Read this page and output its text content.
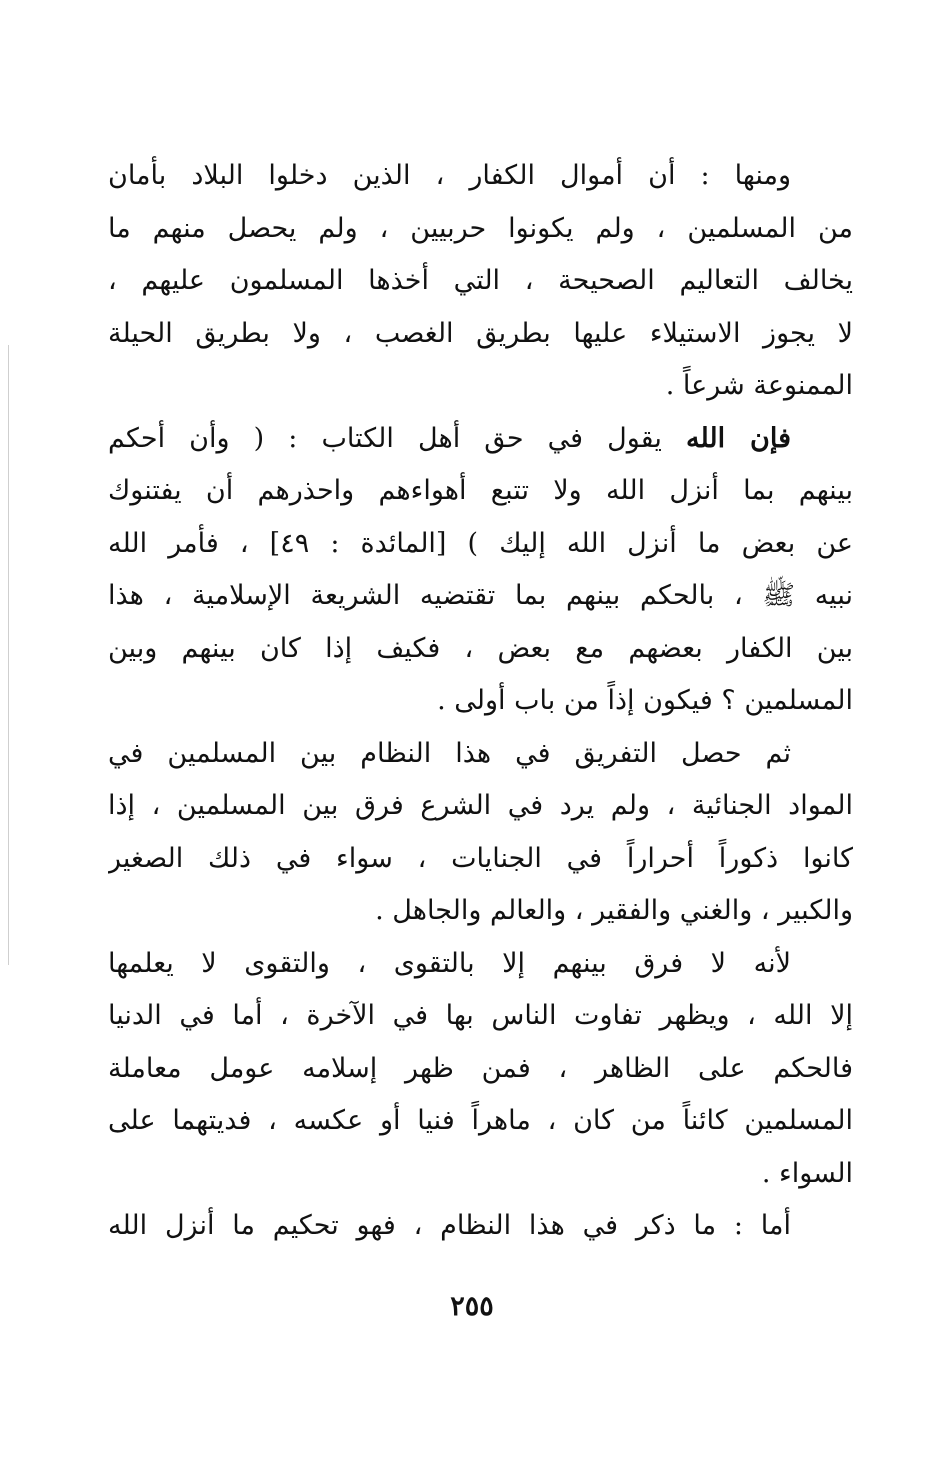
ومنها : أن أموال الكفار ، الذين دخلوا البلاد بأمان
من المسلمين ، ولم يكونوا حربيين ، ولم يحصل منهم ما
يخالف التعاليم الصحيحة ، التي أخذها المسلمون عليهم ،
لا يجوز الاستيلاء عليها بطريق الغصب ، ولا بطريق الحيلة
الممنوعة شرعاً .
فإن الله يقول في حق أهل الكتاب : ( وأن أحكم
بينهم بما أنزل الله ولا تتبع أهواءهم واحذرهم أن يفتنوك
عن بعض ما أنزل الله إليك ) [المائدة : ٤٩] ، فأمر الله
نبيه ﷺ ، بالحكم بينهم بما تقتضيه الشريعة الإسلامية ، هذا
بين الكفار بعضهم مع بعض ، فكيف إذا كان بينهم وبين
المسلمين ؟ فيكون إذاً من باب أولى .
ثم حصل التفريق في هذا النظام بين المسلمين في
المواد الجنائية ، ولم يرد في الشرع فرق بين المسلمين ، إذا
كانوا ذكوراً أحراراً في الجنايات ، سواء في ذلك الصغير
والكبير ، والغني والفقير ، والعالم والجاهل .
لأنه لا فرق بينهم إلا بالتقوى ، والتقوى لا يعلمها
إلا الله ، ويظهر تفاوت الناس بها في الآخرة ، أما في الدنيا
فالحكم على الظاهر ، فمن ظهر إسلامه عومل معاملة
المسلمين كائناً من كان ، ماهراً فنيا أو عكسه ، فديتهما على
السواء .
أما : ما ذكر في هذا النظام ، فهو تحكيم ما أنزل الله
٢٥٥
